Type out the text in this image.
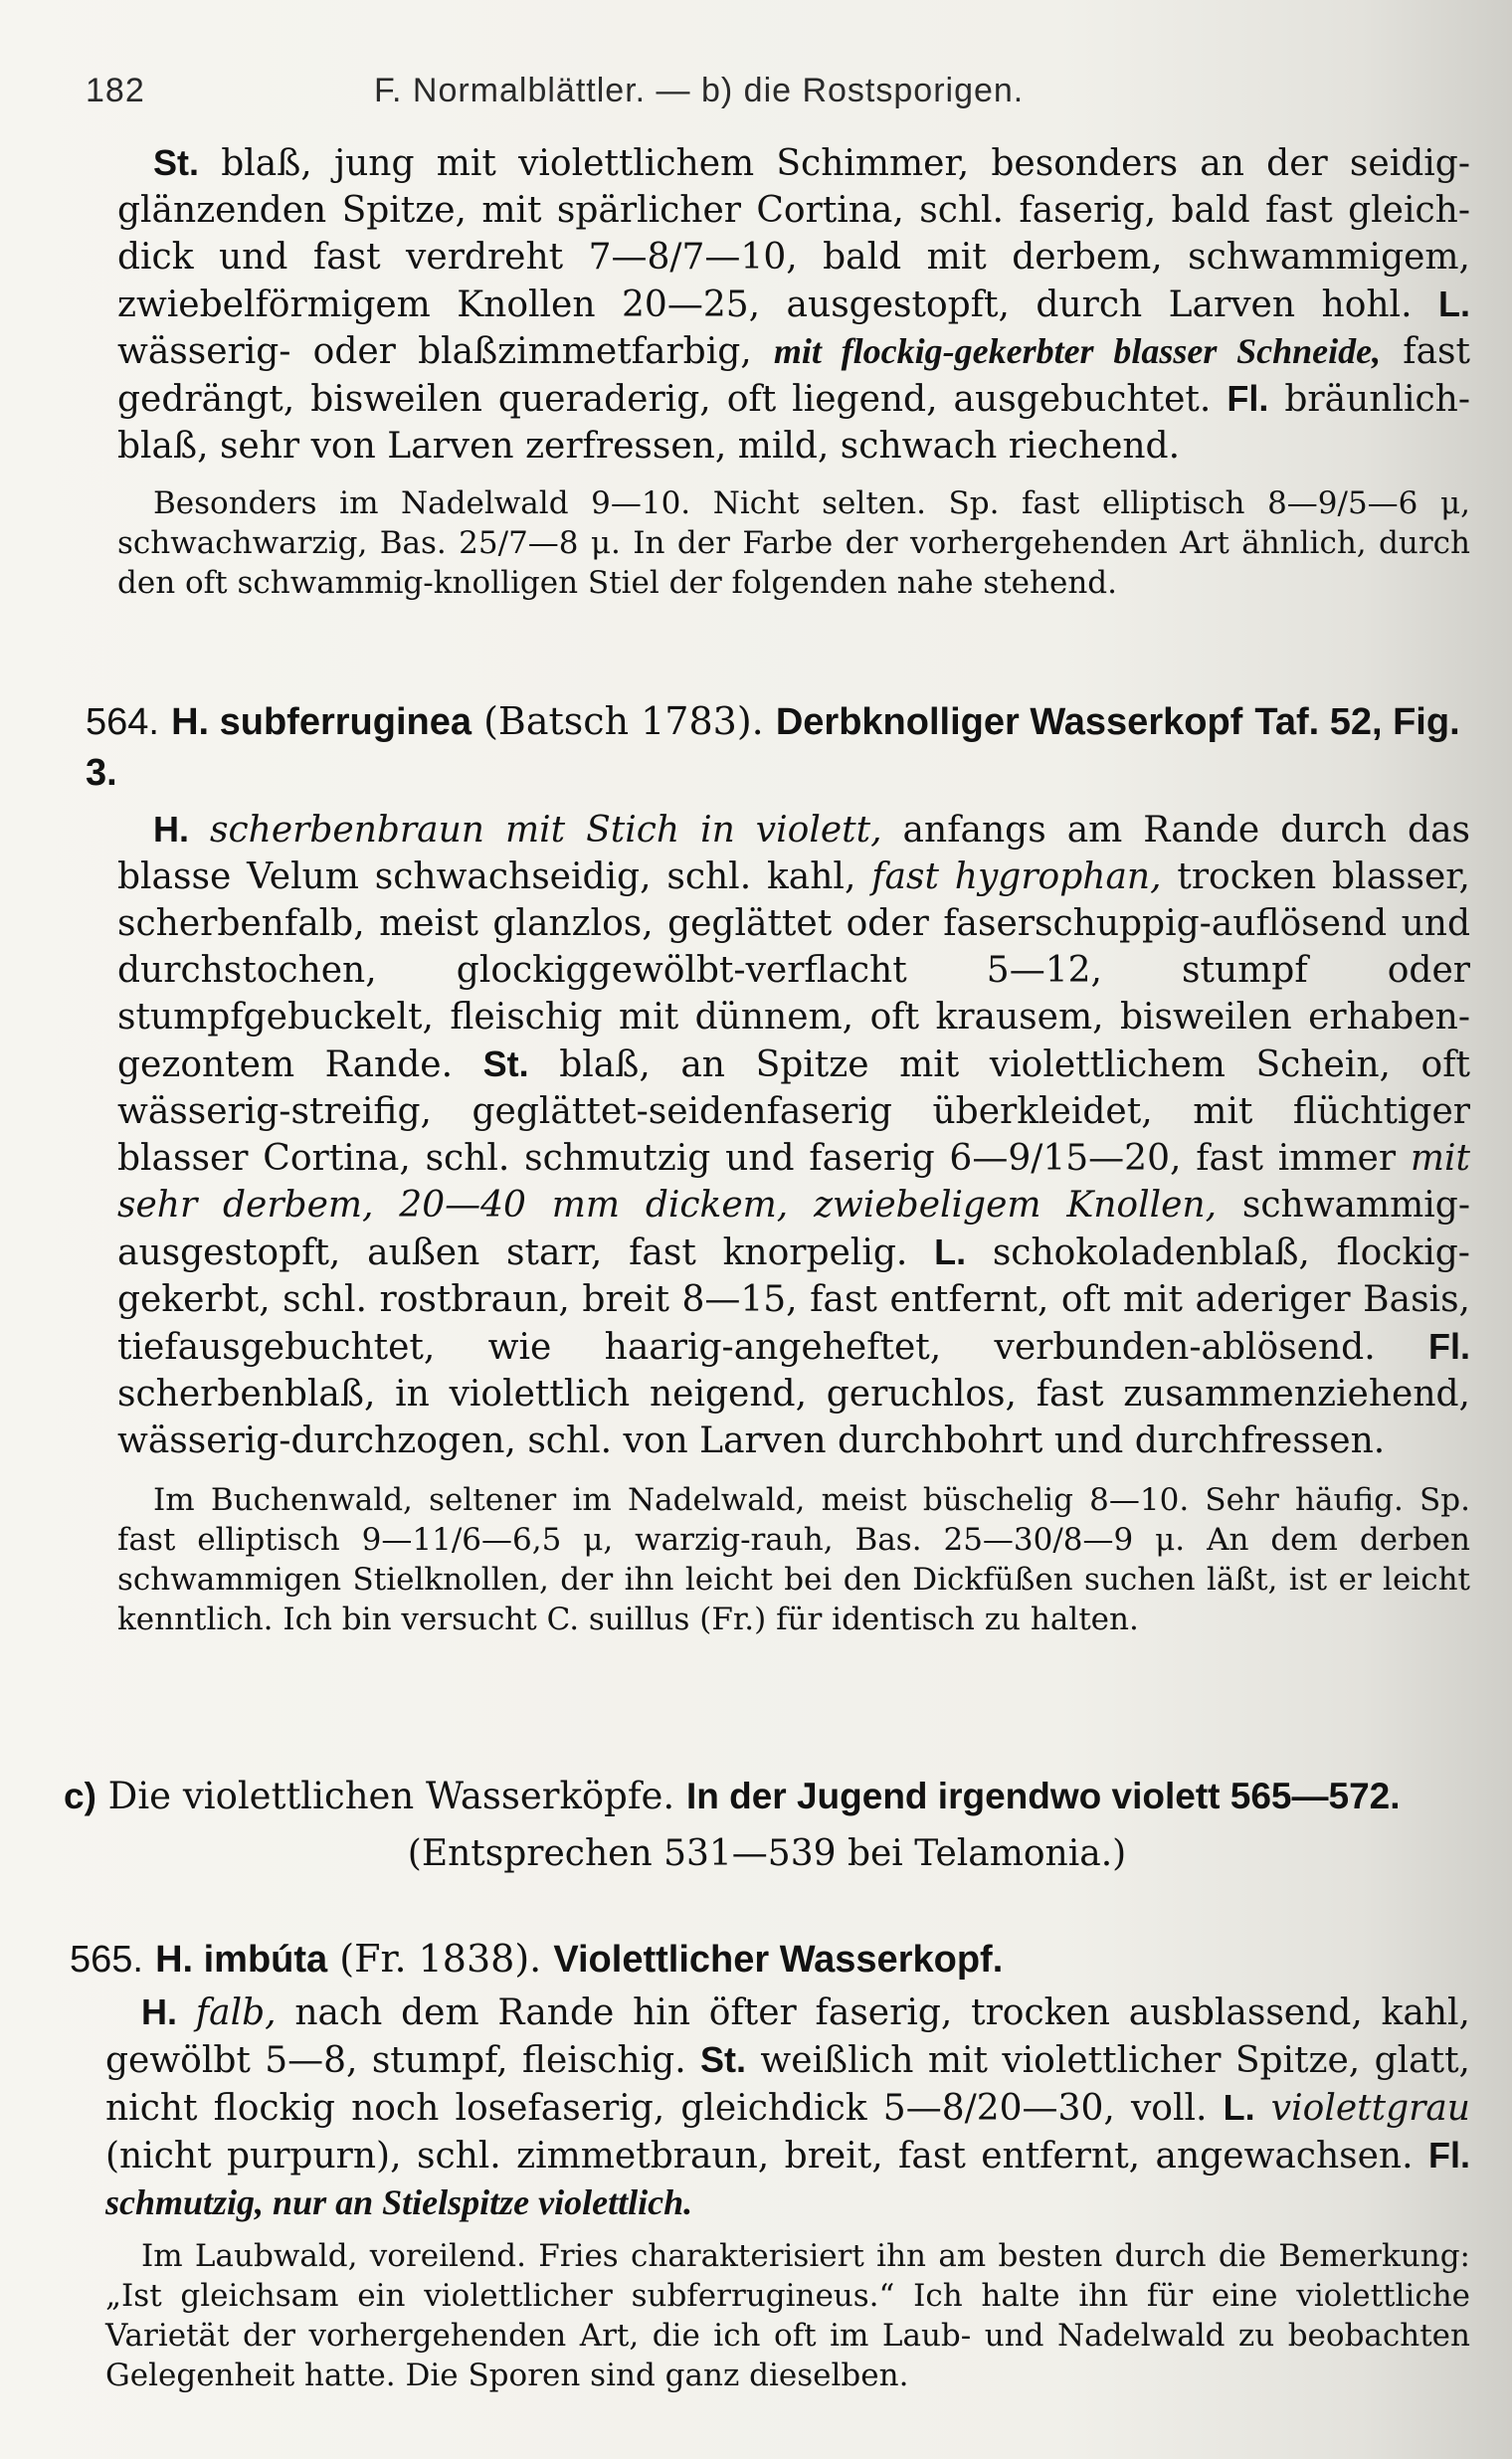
182	F. Normalblättler. — b) die Rostsporigen.

St. blaß, jung mit violettlichem Schimmer, besonders an der seidig-glänzenden Spitze, mit spärlicher Cortina, schl. faserig, bald fast gleich-dick und fast verdreht 7—8/7—10, bald mit derbem, schwammigem, zwiebelförmigem Knollen 20—25, ausgestopft, durch Larven hohl. L. wässerig- oder blaßzimmetfarbig, mit flockig-gekerbter blasser Schneide, fast gedrängt, bisweilen queraderig, oft liegend, ausgebuchtet. Fl. bräunlich-blaß, sehr von Larven zerfressen, mild, schwach riechend.

Besonders im Nadelwald 9—10. Nicht selten. Sp. fast elliptisch 8—9/5—6 μ, schwachwarzig, Bas. 25/7—8 μ. In der Farbe der vorhergehenden Art ähnlich, durch den oft schwammig-knolligen Stiel der folgenden nahe stehend.

564. H. subferruginea (Batsch 1783). Derbknolliger Wasserkopf Taf. 52, Fig. 3.

H. scherbenbraun mit Stich in violett, anfangs am Rande durch das blasse Velum schwachseidig, schl. kahl, fast hygrophan, trocken blasser, scherbenfalb, meist glanzlos, geglättet oder faserschuppig-auflösend und durchstochen, glockiggewölbt-verflacht 5—12, stumpf oder stumpfgebuckelt, fleischig mit dünnem, oft krausem, bisweilen erhaben-gezontem Rande. St. blaß, an Spitze mit violettlichem Schein, oft wässerig-streifig, geglättet-seidenfaserig überkleidet, mit flüchtiger blasser Cortina, schl. schmutzig und faserig 6—9/15—20, fast immer mit sehr derbem, 20—40 mm dickem, zwiebeligem Knollen, schwammig-ausgestopft, außen starr, fast knorpelig. L. schokoladenblaß, flockig-gekerbt, schl. rostbraun, breit 8—15, fast entfernt, oft mit aderiger Basis, tiefausgebuchtet, wie haarig-angeheftet, verbunden-ablösend. Fl. scherbenblaß, in violettlich neigend, geruchlos, fast zusammenziehend, wässerig-durchzogen, schl. von Larven durchbohrt und durchfressen.

Im Buchenwald, seltener im Nadelwald, meist büschelig 8—10. Sehr häufig. Sp. fast elliptisch 9—11/6—6,5 μ, warzig-rauh, Bas. 25—30/8—9 μ. An dem derben schwammigen Stielknollen, der ihn leicht bei den Dickfüßen suchen läßt, ist er leicht kenntlich. Ich bin versucht C. suillus (Fr.) für identisch zu halten.

c) Die violettlichen Wasserköpfe. In der Jugend irgendwo violett 565—572.

(Entsprechen 531—539 bei Telamonia.)

565. H. imbúta (Fr. 1838). Violettlicher Wasserkopf.

H. falb, nach dem Rande hin öfter faserig, trocken ausblassend, kahl, gewölbt 5—8, stumpf, fleischig. St. weißlich mit violettlicher Spitze, glatt, nicht flockig noch losefaserig, gleichdick 5—8/20—30, voll. L. violettgrau (nicht purpurn), schl. zimmetbraun, breit, fast entfernt, angewachsen. Fl. schmutzig, nur an Stielspitze violettlich.

Im Laubwald, voreilend. Fries charakterisiert ihn am besten durch die Bemerkung: „Ist gleichsam ein violettlicher subferrugineus.“ Ich halte ihn für eine violettliche Varietät der vorhergehenden Art, die ich oft im Laub- und Nadelwald zu beobachten Gelegenheit hatte. Die Sporen sind ganz dieselben.
